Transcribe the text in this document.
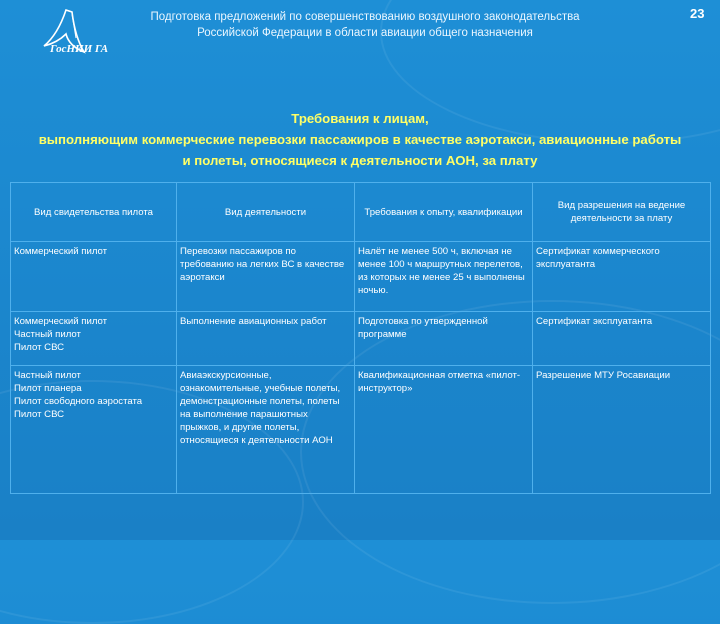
ГосНИИ ГА
Подготовка предложений по совершенствованию воздушного законодательства
Российской Федерации в области авиации общего назначения
23
Требования к лицам,
выполняющим коммерческие перевозки пассажиров в качестве аэротакси, авиационные работы
и полеты, относящиеся к деятельности АОН, за плату
Вид свидетельства пилота	Вид деятельности	Требования к опыту, квалификации	Вид разрешения на ведение деятельности за плату

Коммерческий пилот	Перевозки пассажиров по требованию на легких ВС в качестве аэротакси	Налёт не менее 500 ч, включая не менее 100 ч маршрутных перелетов, из которых не менее 25 ч выполнены ночью.	Сертификат коммерческого эксплуатанта

Коммерческий пилот
Частный пилот
Пилот СВС	Выполнение авиационных работ	Подготовка по утвержденной программе	Сертификат эксплуатанта

Частный пилот
Пилот планера
Пилот свободного аэростата
Пилот СВС	Авиаэкскурсионные, ознакомительные, учебные полеты, демонстрационные полеты, полеты на выполнение парашютных прыжков, и другие полеты, относящиеся к деятельности АОН	Квалификационная отметка «пилот-инструктор»	Разрешение МТУ Росавиации
